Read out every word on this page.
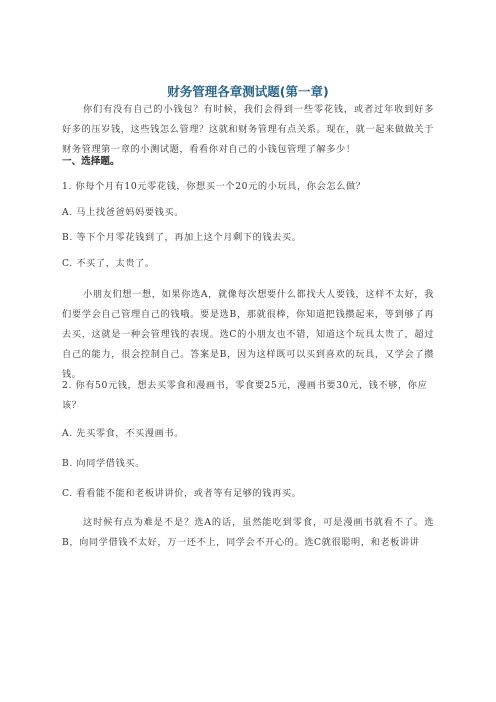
财务管理各章测试题(第一章)

你们有没有自己的小钱包？有时候，我们会得到一些零花钱，或者过年收到好多好多的压岁钱，这些钱怎么管理？这就和财务管理有点关系。现在，就一起来做做关于财务管理第一章的小测试题，看看你对自己的小钱包管理了解多少！

一、选择题。

1. 你每个月有10元零花钱，你想买一个20元的小玩具，你会怎么做？

A. 马上找爸爸妈妈要钱买。

B. 等下个月零花钱到了，再加上这个月剩下的钱去买。

C. 不买了，太贵了。

小朋友们想一想，如果你选A，就像每次想要什么都找大人要钱，这样不太好，我们要学会自己管理自己的钱哦。要是选B，那就很棒，你知道把钱攒起来，等到够了再去买，这就是一种会管理钱的表现。选C的小朋友也不错，知道这个玩具太贵了，超过自己的能力，很会控制自己。答案是B，因为这样既可以买到喜欢的玩具，又学会了攒钱。

2. 你有50元钱，想去买零食和漫画书，零食要25元，漫画书要30元，钱不够，你应该？

A. 先买零食，不买漫画书。

B. 向同学借钱买。

C. 看看能不能和老板讲讲价，或者等有足够的钱再买。

这时候有点为难是不是？选A的话，虽然能吃到零食，可是漫画书就看不了。选B，向同学借钱不太好，万一还不上，同学会不开心的。选C就很聪明，和老板讲讲
